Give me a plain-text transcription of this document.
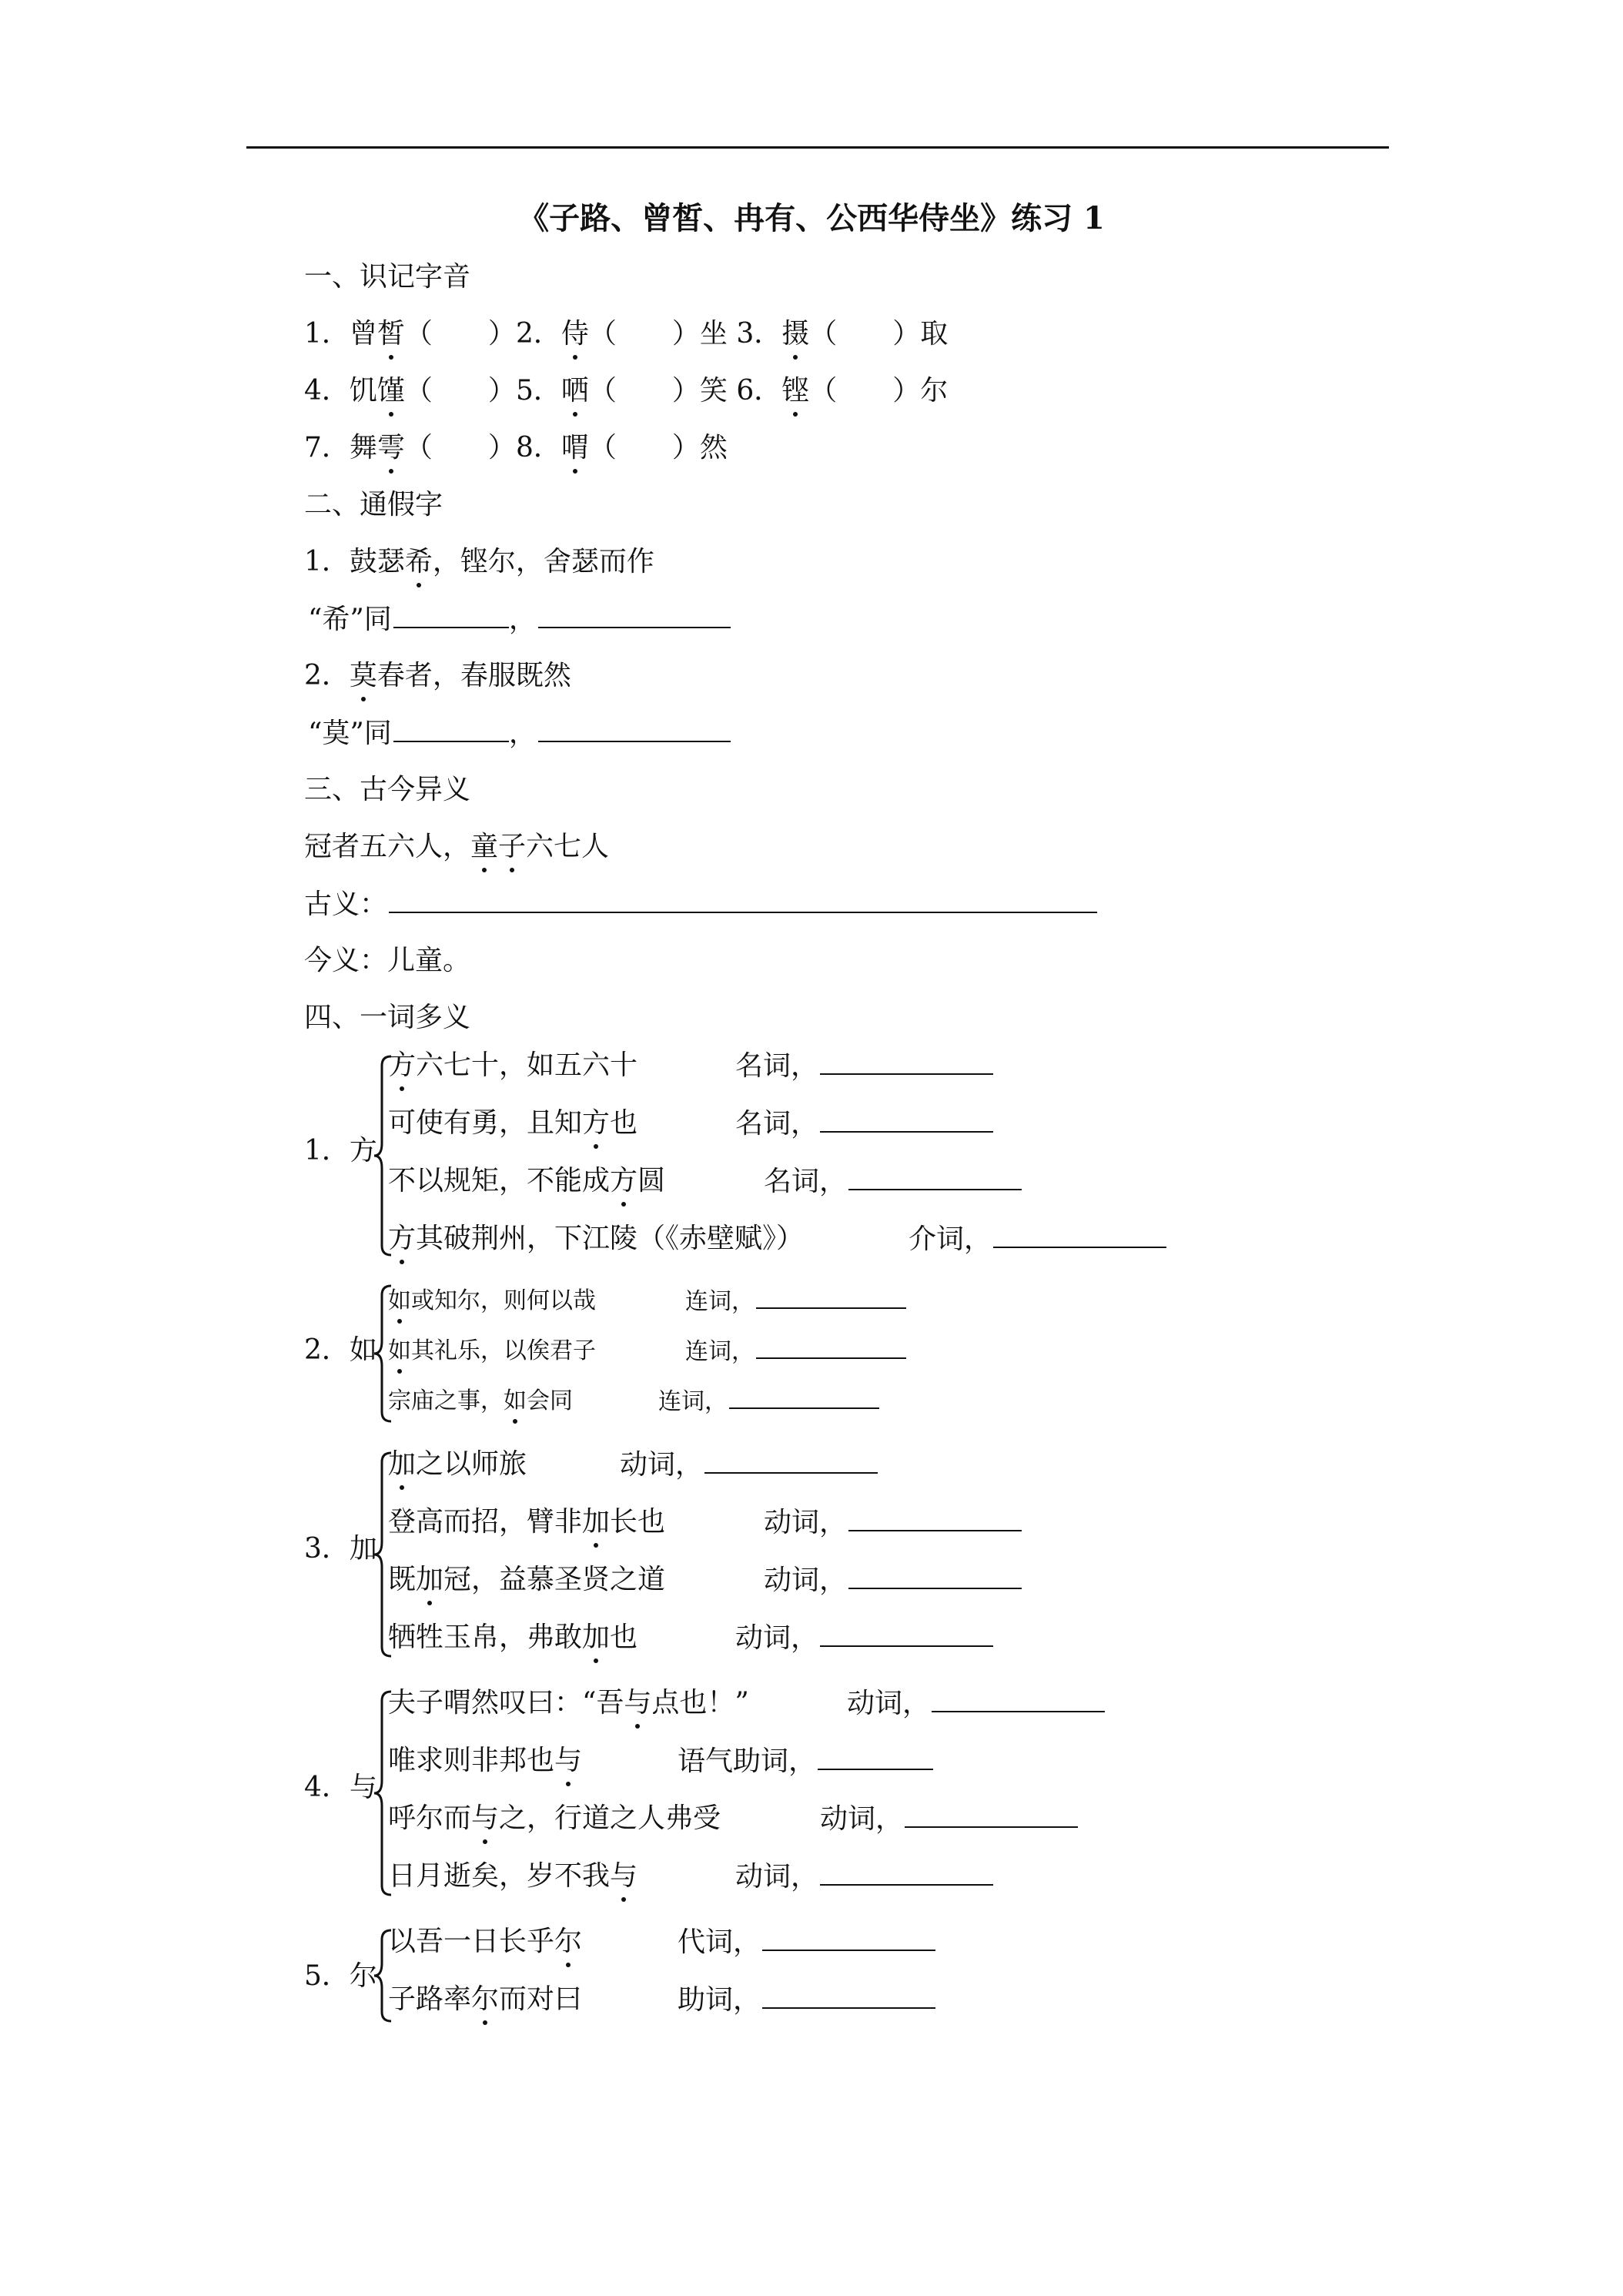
《子路、曾皙、冉有、公西华侍坐》练习 1
一、识记字音
1．曾皙（　　）2．侍（　　）坐 3．摄（　　）取
4．饥馑（　　）5．哂（　　）笑 6．铿（　　）尔
7．舞雩（　　）8．喟（　　）然
二、通假字
1．鼓瑟希，铿尔，舍瑟而作
“希”同	，
2．莫春者，春服既然
“莫”同	，
三、古今异义
冠者五六人，童子六七人
古义：
今义：儿童。
四、一词多义
1．方
方六七十，如五六十	名词，
可使有勇，且知方也	名词，
不以规矩，不能成方圆	名词，
方其破荆州，下江陵（《赤壁赋》）	介词，
2．如
如或知尔，则何以哉	连词，
如其礼乐，以俟君子	连词，
宗庙之事，如会同	连词，
3．加
加之以师旅	动词，
登高而招，臂非加长也	动词，
既加冠，益慕圣贤之道	动词，
牺牲玉帛，弗敢加也	动词，
4．与
夫子喟然叹曰：“吾与点也！”	动词，
唯求则非邦也与	语气助词，
呼尔而与之，行道之人弗受	动词，
日月逝矣，岁不我与	动词，
5．尔
以吾一日长乎尔	代词，
子路率尔而对曰	助词，
